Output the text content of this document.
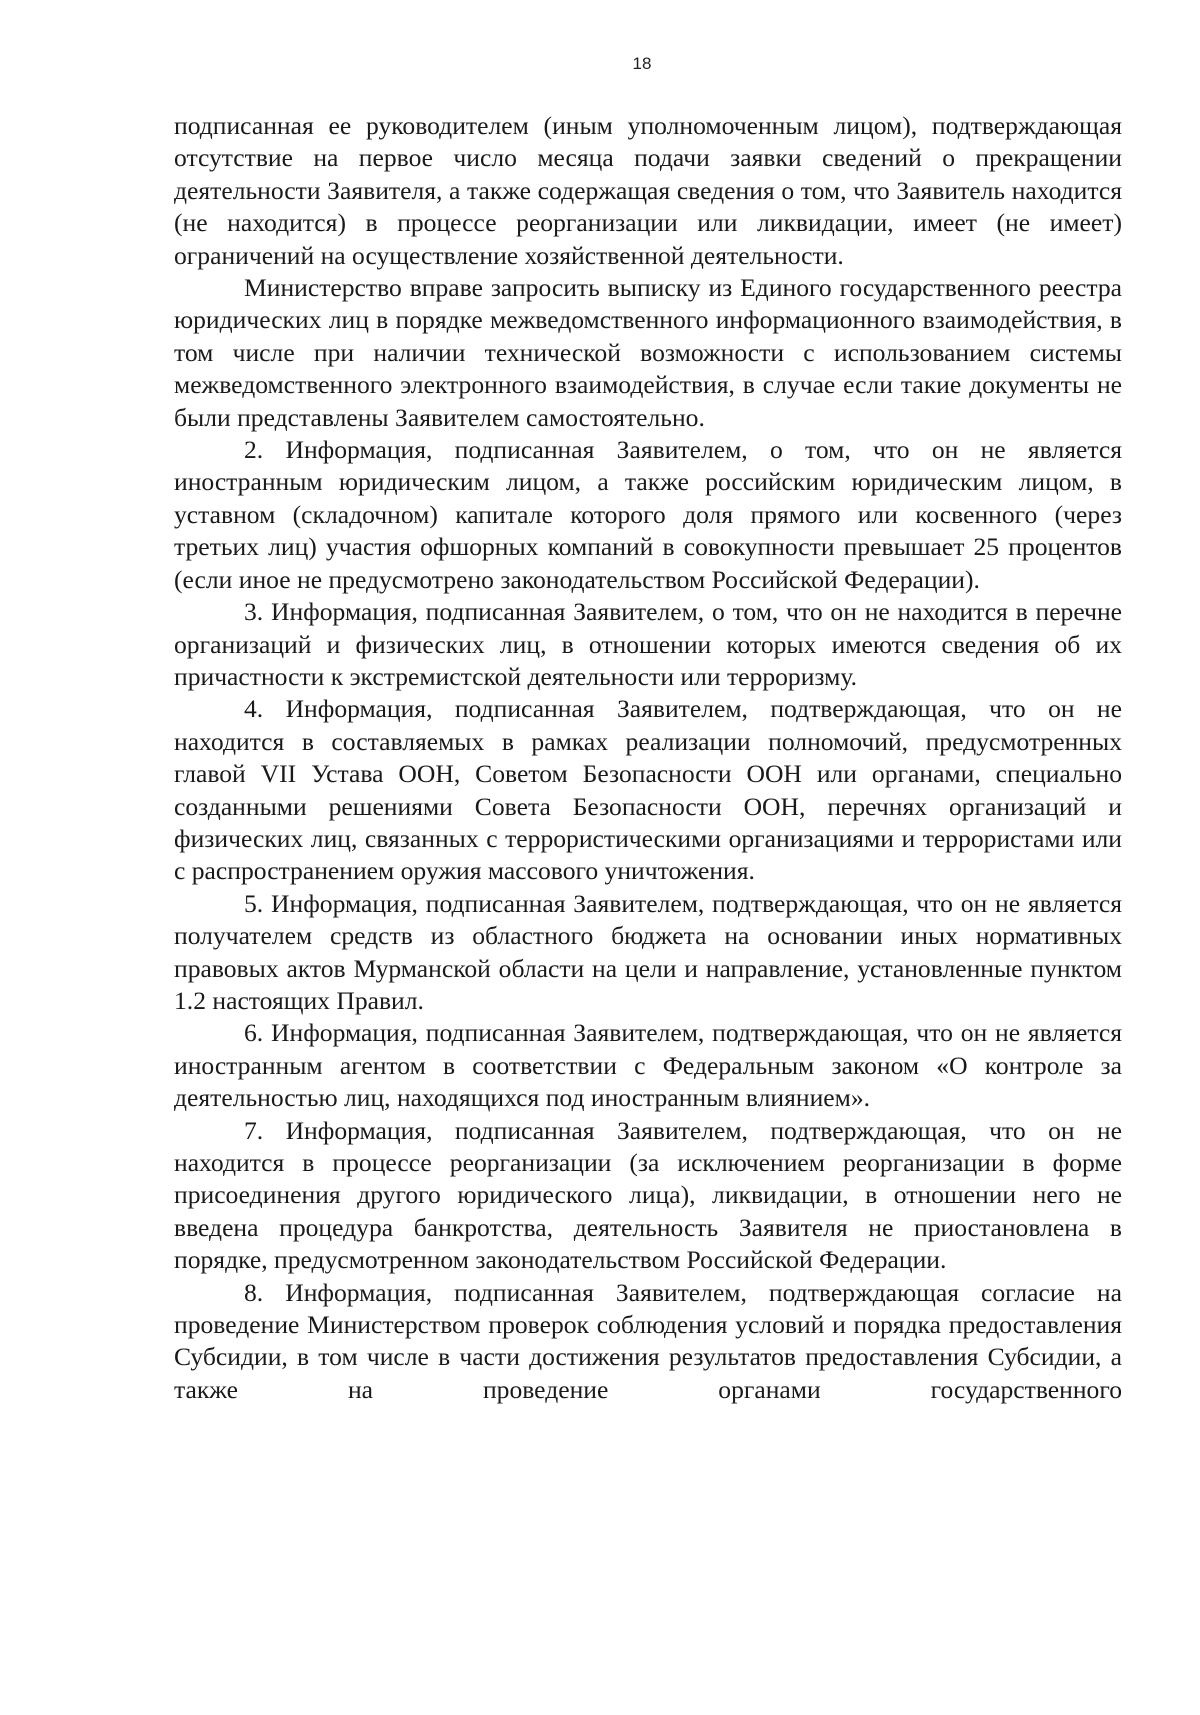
18

подписанная ее руководителем (иным уполномоченным лицом), подтверждающая отсутствие на первое число месяца подачи заявки сведений о прекращении деятельности Заявителя, а также содержащая сведения о том, что Заявитель находится (не находится) в процессе реорганизации или ликвидации, имеет (не имеет) ограничений на осуществление хозяйственной деятельности.

Министерство вправе запросить выписку из Единого государственного реестра юридических лиц в порядке межведомственного информационного взаимодействия, в том числе при наличии технической возможности с использованием системы межведомственного электронного взаимодействия, в случае если такие документы не были представлены Заявителем самостоятельно.

2. Информация, подписанная Заявителем, о том, что он не является иностранным юридическим лицом, а также российским юридическим лицом, в уставном (складочном) капитале которого доля прямого или косвенного (через третьих лиц) участия офшорных компаний в совокупности превышает 25 процентов (если иное не предусмотрено законодательством Российской Федерации).

3. Информация, подписанная Заявителем, о том, что он не находится в перечне организаций и физических лиц, в отношении которых имеются сведения об их причастности к экстремистской деятельности или терроризму.

4. Информация, подписанная Заявителем, подтверждающая, что он не находится в составляемых в рамках реализации полномочий, предусмотренных главой VII Устава ООН, Советом Безопасности ООН или органами, специально созданными решениями Совета Безопасности ООН, перечнях организаций и физических лиц, связанных с террористическими организациями и террористами или с распространением оружия массового уничтожения.

5. Информация, подписанная Заявителем, подтверждающая, что он не является получателем средств из областного бюджета на основании иных нормативных правовых актов Мурманской области на цели и направление, установленные пунктом 1.2 настоящих Правил.

6. Информация, подписанная Заявителем, подтверждающая, что он не является иностранным агентом в соответствии с Федеральным законом «О контроле за деятельностью лиц, находящихся под иностранным влиянием».

7. Информация, подписанная Заявителем, подтверждающая, что он не находится в процессе реорганизации (за исключением реорганизации в форме присоединения другого юридического лица), ликвидации, в отношении него не введена процедура банкротства, деятельность Заявителя не приостановлена в порядке, предусмотренном законодательством Российской Федерации.

8. Информация, подписанная Заявителем, подтверждающая согласие на проведение Министерством проверок соблюдения условий и порядка предоставления Субсидии, в том числе в части достижения результатов предоставления Субсидии, а также на проведение органами государственного
